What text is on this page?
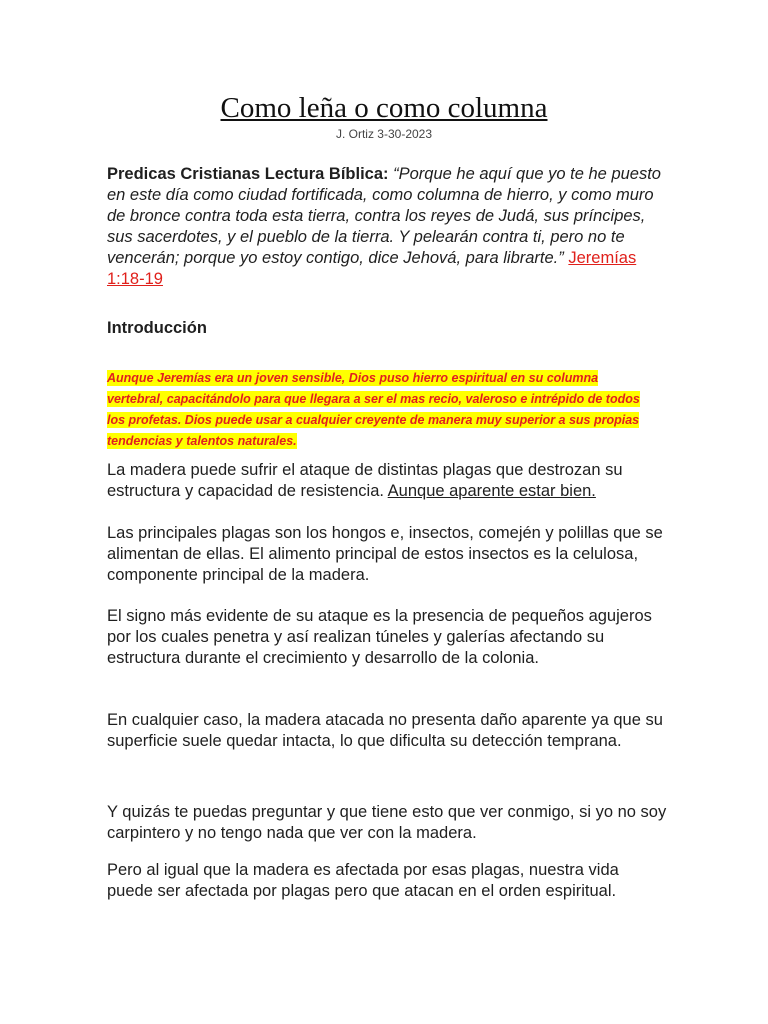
Como leña o como columna
J. Ortiz 3-30-2023
Predicas Cristianas Lectura Bíblica: “Porque he aquí que yo te he puesto en este día como ciudad fortificada, como columna de hierro, y como muro de bronce contra toda esta tierra, contra los reyes de Judá, sus príncipes, sus sacerdotes, y el pueblo de la tierra. Y pelearán contra ti, pero no te vencerán; porque yo estoy contigo, dice Jehová, para librarte.” Jeremías 1:18-19
Introducción
Aunque Jeremías era un joven sensible, Dios puso hierro espiritual en su columna vertebral, capacitándolo para que llegara a ser el mas recio, valeroso e intrépido de todos los profetas. Dios puede usar a cualquier creyente de manera muy superior a sus propias tendencias y talentos naturales.
La madera puede sufrir el ataque de distintas plagas que destrozan su estructura y capacidad de resistencia. Aunque aparente estar bien.
Las principales plagas son los hongos e, insectos, comején y polillas que se alimentan de ellas. El alimento principal de estos insectos es la celulosa, componente principal de la madera.
El signo más evidente de su ataque es la presencia de pequeños agujeros por los cuales penetra y así realizan túneles y galerías afectando su estructura durante el crecimiento y desarrollo de la colonia.
En cualquier caso, la madera atacada no presenta daño aparente ya que su superficie suele quedar intacta, lo que dificulta su detección temprana.
Y quizás te puedas preguntar y que tiene esto que ver conmigo, si yo no soy carpintero y no tengo nada que ver con la madera.
Pero al igual que la madera es afectada por esas plagas, nuestra vida puede ser afectada por plagas pero que atacan en el orden espiritual.
